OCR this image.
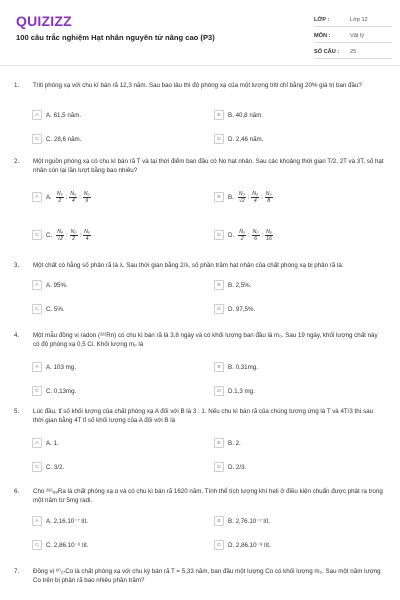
QUIZIZZ
100 câu trắc nghiệm Hạt nhân nguyên tử nâng cao (P3)
LỚP :	Lớp 12
MÔN :	Vật lý
SỐ CÂU :	25
1. Triti phóng xạ với chu kì bán rã 12,3 năm. Sau bao lâu thì độ phóng xạ của một lượng triti chỉ bằng 20% giá trị ban đầu?
A	A. 61,5 năm.	B	B. 40,8 năm.
C	C. 28,6 năm.	D	D. 2,46 năm.
2. Một nguồn phóng xạ có chu kì bán rã T và tại thời điểm ban đầu có No hạt nhân. Sau các khoảng thời gian T/2, 2T và 3T, số hạt nhân còn lại lần lượt bằng bao nhiêu?
A	A. $\frac{\text{N₀}}{2}$ ; $\frac{\text{N₀}}{4}$ ; $\frac{\text{N₀}}{9}$	B	B. $\frac{\text{N₀}}{√2}$ ; $\frac{\text{N₀}}{4}$ ; $\frac{\text{N₀}}{8}$
C	C. $\frac{\text{N₀}}{√2}$ ; $\frac{\text{N₀}}{2}$ ; $\frac{\text{N₀}}{4}$	D	D. $\frac{\text{N₀}}{2}$ ; $\frac{\text{N₀}}{6}$ ; $\frac{\text{N₀}}{16}$
3. Một chất có hằng số phân rã là λ. Sau thời gian bằng 2/λ, số phần trăm hạt nhân của chất phóng xạ bị phân rã là:
A	A. 95%.	B	B. 2,5%.
C	C. 5%.	D	D. 97,5%.
4. Một mẫu đồng vị radon (²²²Rn) có chu kì bán rã là 3,8 ngày và có khối lượng ban đầu là m₀. Sau 19 ngày, khối lượng chất này có độ phóng xạ 0,5 Ci. Khối lượng m₀ là
A	A. 103 mg.	B	B. 0,31mg.
C	C. 0,13mg.	D	D.1,3 mg.
5. Lúc đầu, tỉ số khối lượng của chất phóng xạ A đối với B là 3 : 1. Nếu chu kì bán rã của chúng tương ứng là T và 4T/3 thì sau thời gian bằng 4T tỉ số khối lượng của A đối với B là
A	A. 1.	B	B. 2.
C	C. 3/2.	D	D. 2/3.
6. Cho ²²⁶₈₈Ra là chất phóng xạ α và có chu kì bán rã 1620 năm. Tính thể tích lượng khí heli ở điều kiện chuẩn được phát ra trong một năm từ 5mg radi.
A	A. 2,16.10⁻⁷ lít.	B	B. 2,76.10⁻⁷ lít.
C	C. 2,86.10⁻⁶ lít.	D	D. 2,86.10⁻⁸ lít.
7. Đồng vị ⁶⁰₂₇Co là chất phóng xạ với chu kỳ bán rã T = 5,33 năm, ban đầu một lượng Co có khối lượng m₀. Sau một năm lượng Co trên bị phân rã bao nhiêu phần trăm?
